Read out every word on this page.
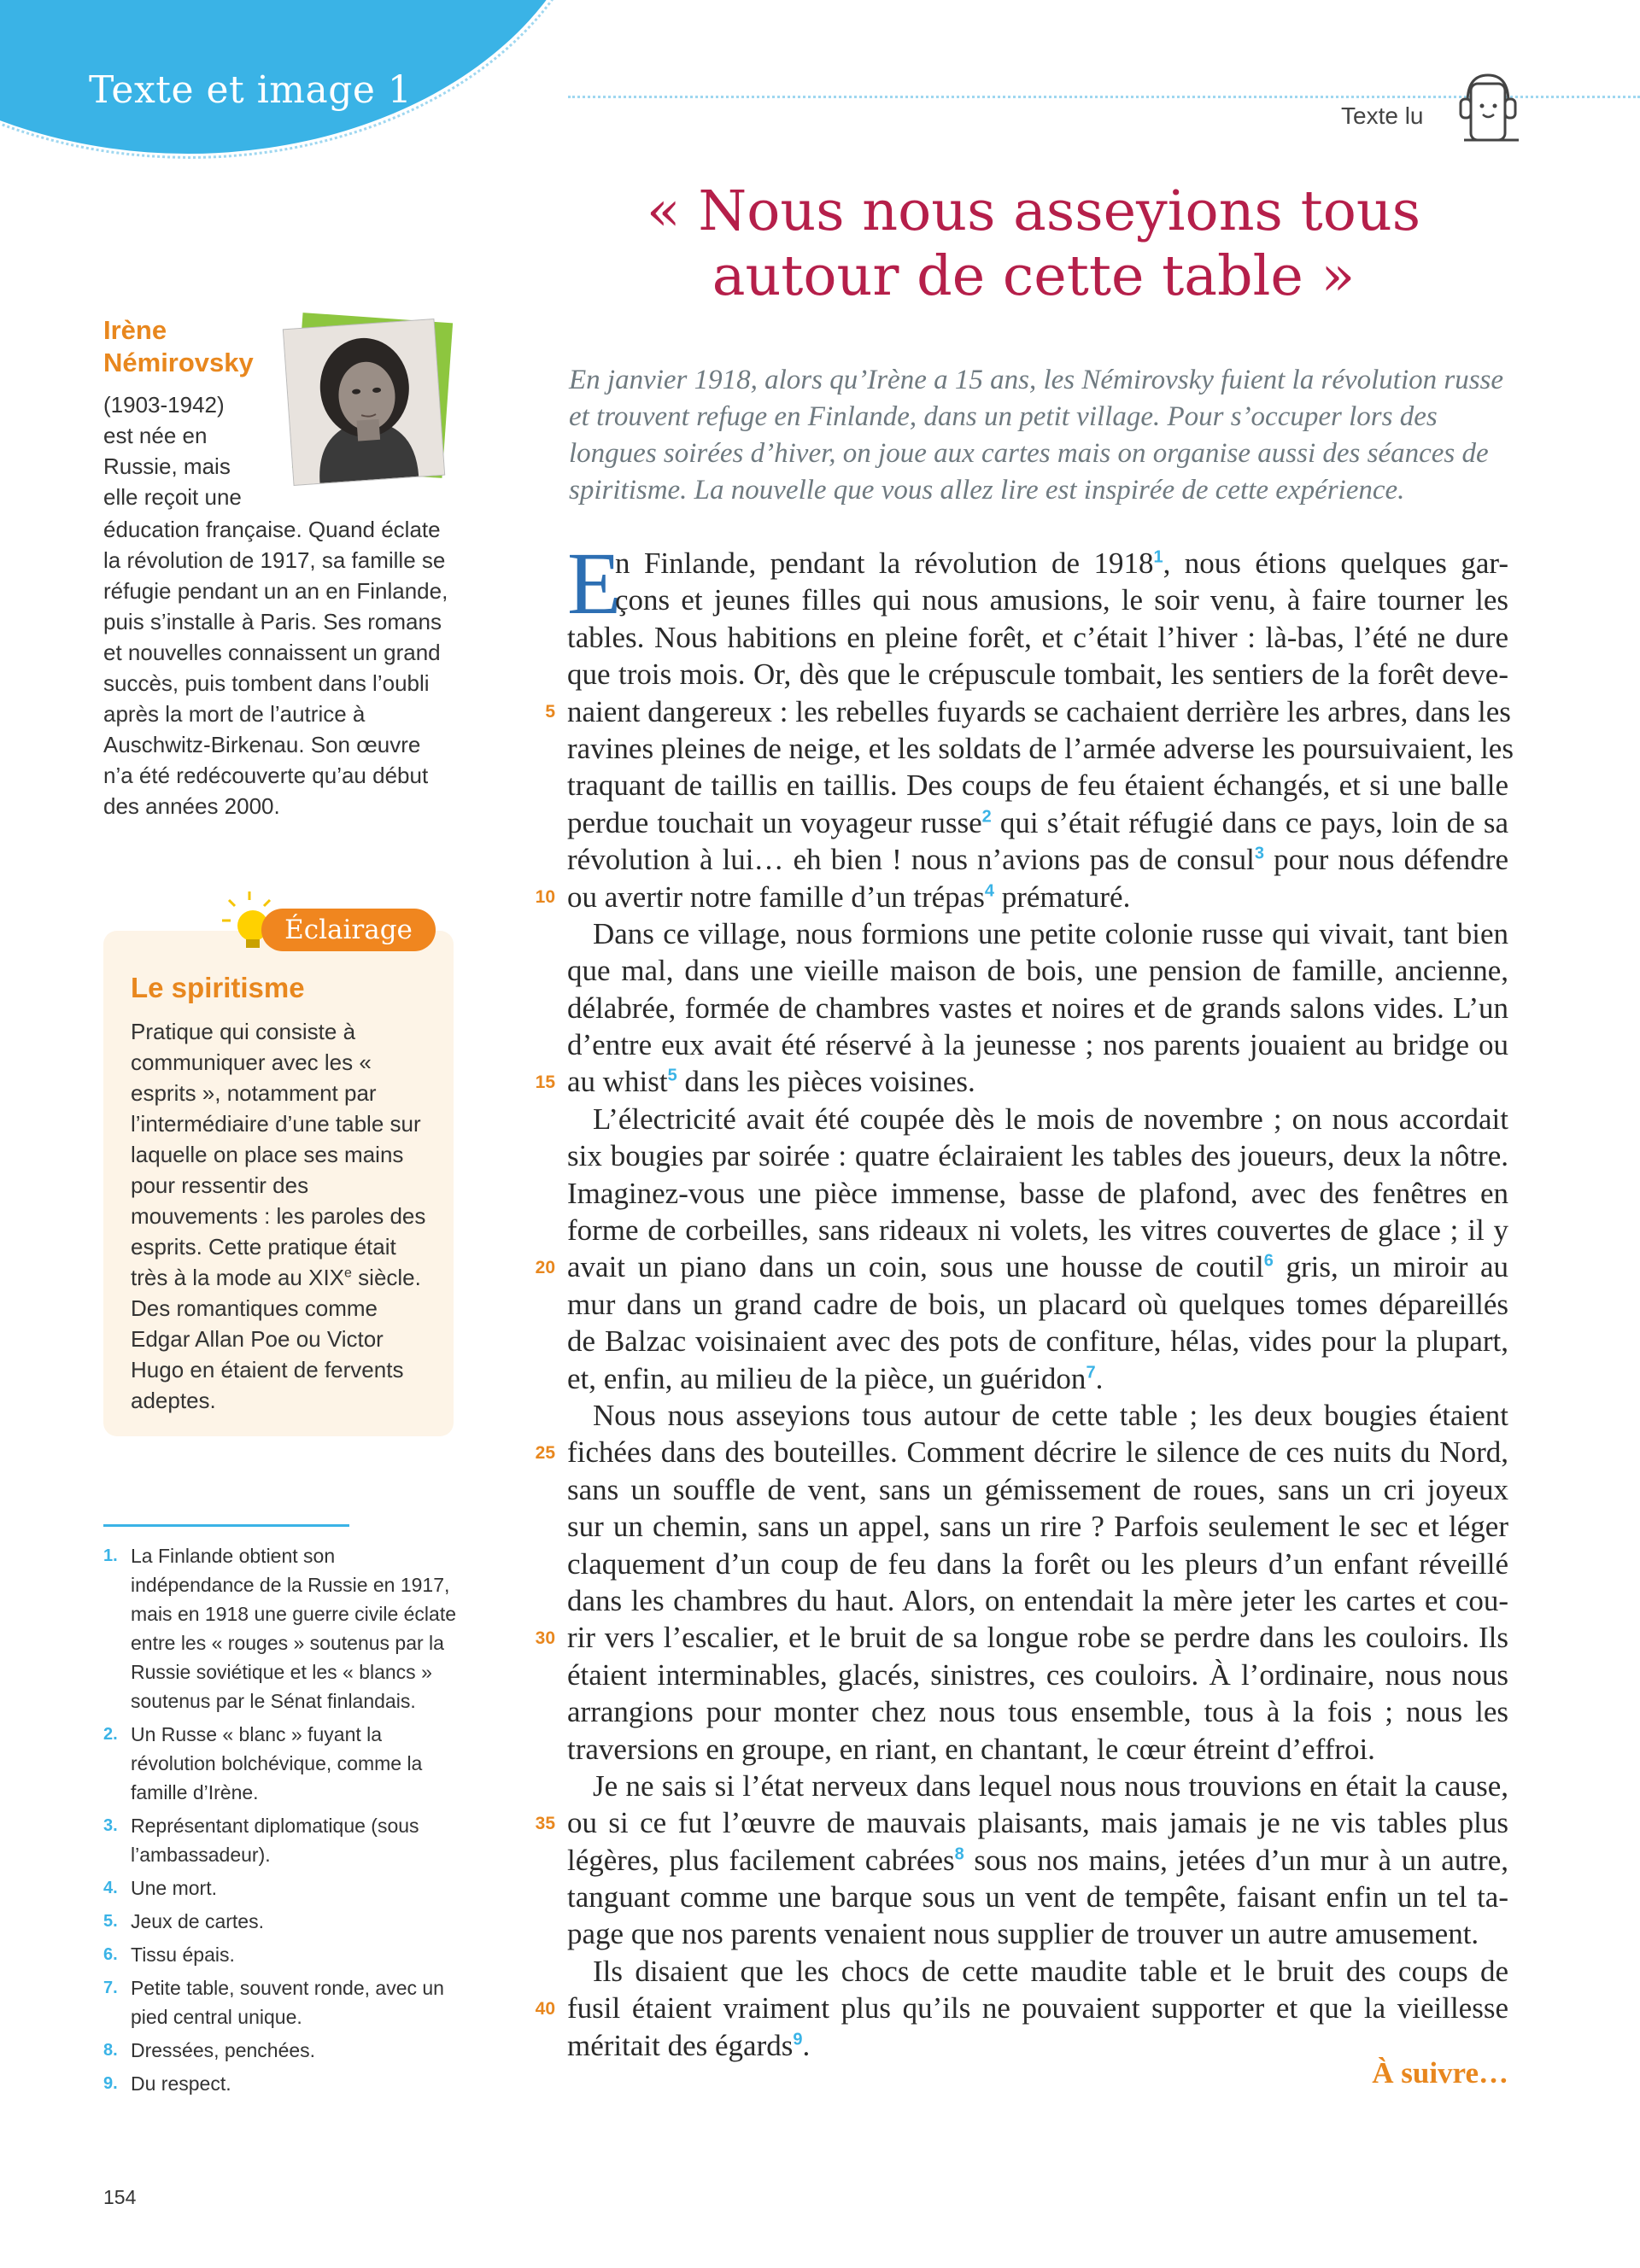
Texte et image 1
Texte lu
« Nous nous asseyions tous
autour de cette table »
En janvier 1918, alors qu’Irène a 15 ans, les Némirovsky fuient la révolution russe et trouvent refuge en Finlande, dans un petit village. Pour s’occuper lors des longues soirées d’hiver, on joue aux cartes mais on organise aussi des séances de spiritisme. La nouvelle que vous allez lire est inspirée de cette expérience.
Irène
Némirovsky
(1903-1942)
est née en
Russie, mais
elle reçoit une
éducation française. Quand éclate la révolution de 1917, sa famille se réfugie pendant un an en Finlande, puis s’installe à Paris. Ses romans et nouvelles connaissent un grand succès, puis tombent dans l’oubli après la mort de l’autrice à Auschwitz-Birkenau. Son œuvre n’a été redécouverte qu’au début des années 2000.
Éclairage
Le spiritisme
Pratique qui consiste à communiquer avec les « esprits », notamment par l’intermédiaire d’une table sur laquelle on place ses mains pour ressentir des mouvements : les paroles des esprits. Cette pratique était très à la mode au XIXe siècle. Des romantiques comme Edgar Allan Poe ou Victor Hugo en étaient de fervents adeptes.
1. La Finlande obtient son indépendance de la Russie en 1917, mais en 1918 une guerre civile éclate entre les « rouges » soutenus par la Russie soviétique et les « blancs » soutenus par le Sénat finlandais.
2. Un Russe « blanc » fuyant la révolution bolchévique, comme la famille d’Irène.
3. Représentant diplomatique (sous l’ambassadeur).
4. Une mort.
5. Jeux de cartes.
6. Tissu épais.
7. Petite table, souvent ronde, avec un pied central unique.
8. Dressées, penchées.
9. Du respect.
154
5
10
15
20
25
30
35
40
E
n Finlande, pendant la révolution de 1918$^1$, nous étions quelques gar-
çons et jeunes filles qui nous amusions, le soir venu, à faire tourner les
tables. Nous habitions en pleine forêt, et c’était l’hiver : là-bas, l’été ne dure
que trois mois. Or, dès que le crépuscule tombait, les sentiers de la forêt deve-
naient dangereux : les rebelles fuyards se cachaient derrière les arbres, dans les
ravines pleines de neige, et les soldats de l’armée adverse les poursuivaient, les
traquant de taillis en taillis. Des coups de feu étaient échangés, et si une balle
perdue touchait un voyageur russe$^2$ qui s’était réfugié dans ce pays, loin de sa
révolution à lui… eh bien ! nous n’avions pas de consul$^3$ pour nous défendre
ou avertir notre famille d’un trépas$^4$ prématuré.
Dans ce village, nous formions une petite colonie russe qui vivait, tant bien
que mal, dans une vieille maison de bois, une pension de famille, ancienne,
délabrée, formée de chambres vastes et noires et de grands salons vides. L’un
d’entre eux avait été réservé à la jeunesse ; nos parents jouaient au bridge ou
au whist$^5$ dans les pièces voisines.
L’électricité avait été coupée dès le mois de novembre ; on nous accordait
six bougies par soirée : quatre éclairaient les tables des joueurs, deux la nôtre.
Imaginez-vous une pièce immense, basse de plafond, avec des fenêtres en
forme de corbeilles, sans rideaux ni volets, les vitres couvertes de glace ; il y
avait un piano dans un coin, sous une housse de coutil$^6$ gris, un miroir au
mur dans un grand cadre de bois, un placard où quelques tomes dépareillés
de Balzac voisinaient avec des pots de confiture, hélas, vides pour la plupart,
et, enfin, au milieu de la pièce, un guéridon$^7$.
Nous nous asseyions tous autour de cette table ; les deux bougies étaient
fichées dans des bouteilles. Comment décrire le silence de ces nuits du Nord,
sans un souffle de vent, sans un gémissement de roues, sans un cri joyeux
sur un chemin, sans un appel, sans un rire ? Parfois seulement le sec et léger
claquement d’un coup de feu dans la forêt ou les pleurs d’un enfant réveillé
dans les chambres du haut. Alors, on entendait la mère jeter les cartes et cou-
rir vers l’escalier, et le bruit de sa longue robe se perdre dans les couloirs. Ils
étaient interminables, glacés, sinistres, ces couloirs. À l’ordinaire, nous nous
arrangions pour monter chez nous tous ensemble, tous à la fois ; nous les
traversions en groupe, en riant, en chantant, le cœur étreint d’effroi.
Je ne sais si l’état nerveux dans lequel nous nous trouvions en était la cause,
ou si ce fut l’œuvre de mauvais plaisants, mais jamais je ne vis tables plus
légères, plus facilement cabrées$^8$ sous nos mains, jetées d’un mur à un autre,
tanguant comme une barque sous un vent de tempête, faisant enfin un tel ta-
page que nos parents venaient nous supplier de trouver un autre amusement.
Ils disaient que les chocs de cette maudite table et le bruit des coups de
fusil étaient vraiment plus qu’ils ne pouvaient supporter et que la vieillesse
méritait des égards$^9$.
À suivre…
